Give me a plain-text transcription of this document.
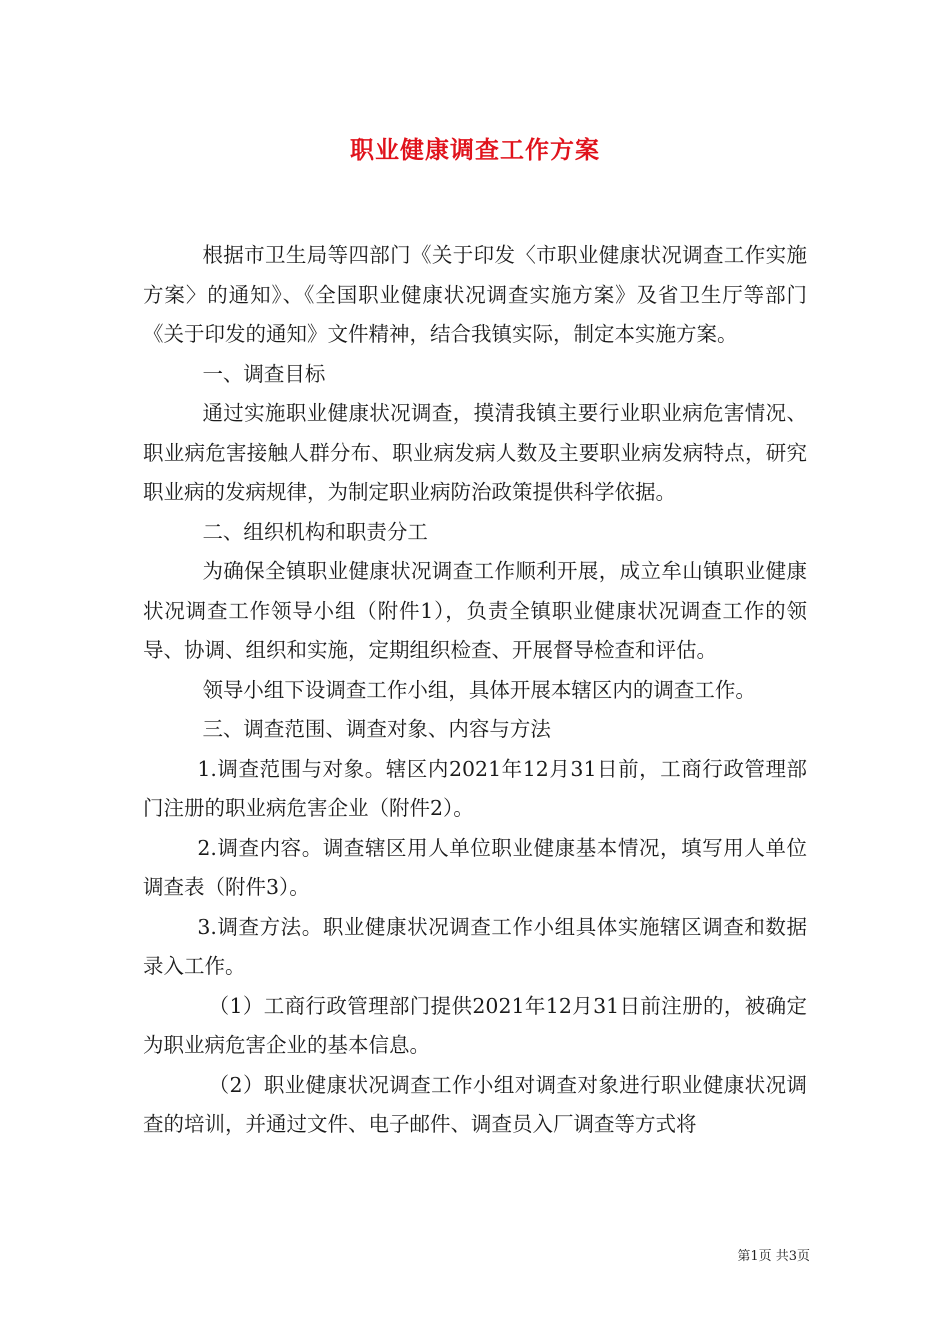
职业健康调查工作方案

根据市卫生局等四部门《关于印发〈市职业健康状况调查工作实施方案〉的通知》、《全国职业健康状况调查实施方案》及省卫生厅等部门《关于印发的通知》文件精神，结合我镇实际，制定本实施方案。

一、调查目标

通过实施职业健康状况调查，摸清我镇主要行业职业病危害情况、职业病危害接触人群分布、职业病发病人数及主要职业病发病特点，研究职业病的发病规律，为制定职业病防治政策提供科学依据。

二、组织机构和职责分工

为确保全镇职业健康状况调查工作顺利开展，成立牟山镇职业健康状况调查工作领导小组（附件1），负责全镇职业健康状况调查工作的领导、协调、组织和实施，定期组织检查、开展督导检查和评估。

领导小组下设调查工作小组，具体开展本辖区内的调查工作。

三、调查范围、调查对象、内容与方法

1.调查范围与对象。辖区内2021年12月31日前，工商行政管理部门注册的职业病危害企业（附件2）。

2.调查内容。调查辖区用人单位职业健康基本情况，填写用人单位调查表（附件3）。

3.调查方法。职业健康状况调查工作小组具体实施辖区调查和数据录入工作。

（1）工商行政管理部门提供2021年12月31日前注册的，被确定为职业病危害企业的基本信息。

（2）职业健康状况调查工作小组对调查对象进行职业健康状况调查的培训，并通过文件、电子邮件、调查员入厂调查等方式将

第1页 共3页
